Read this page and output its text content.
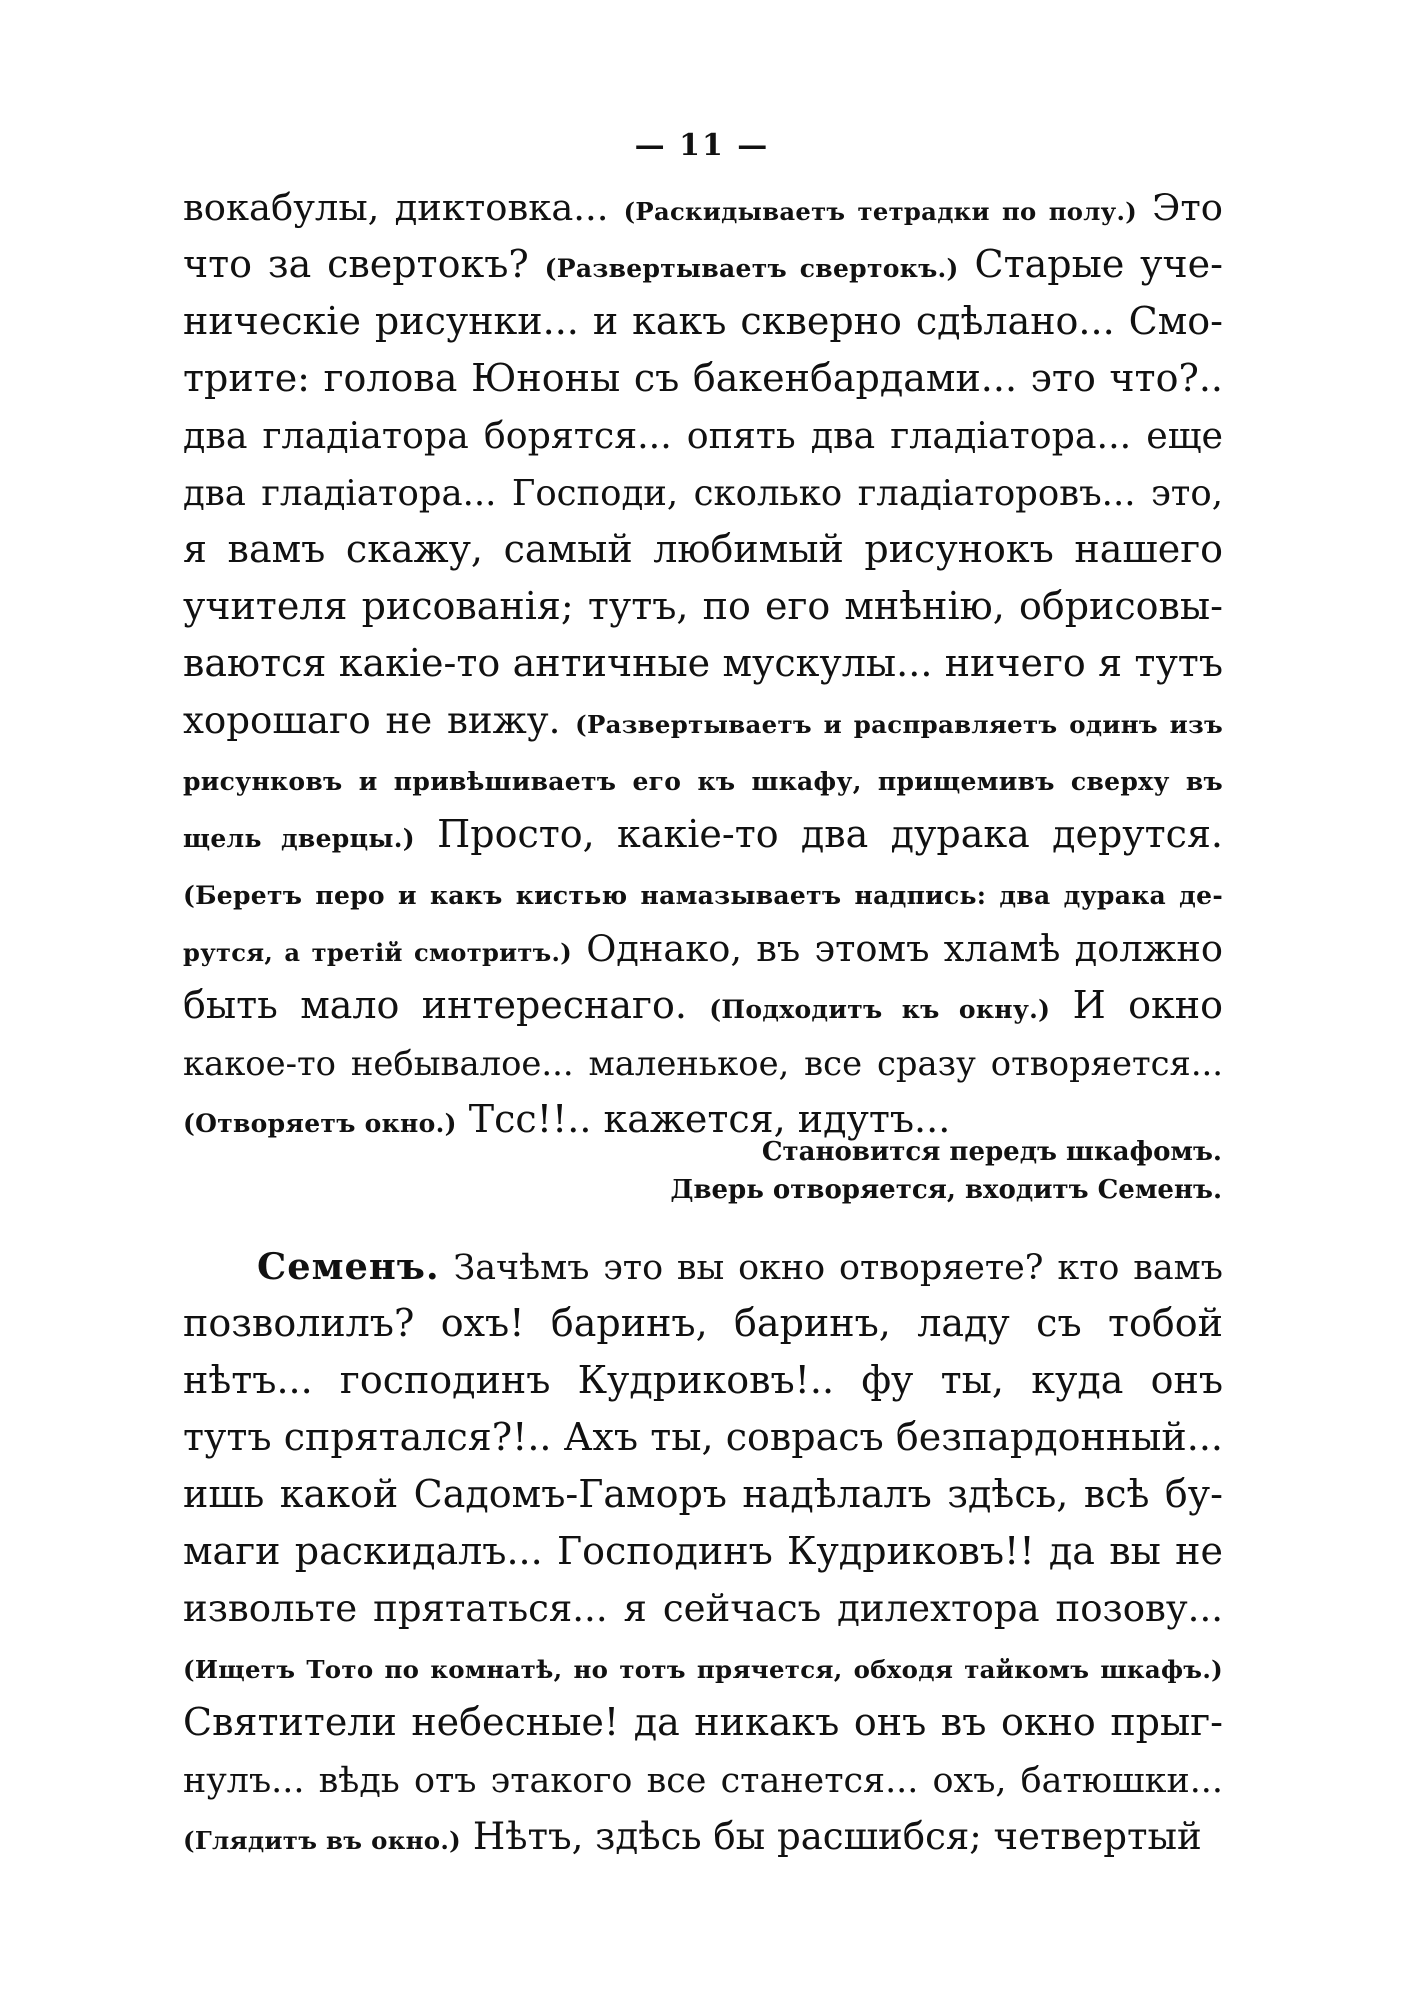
— 11 —
вокабулы, диктовка... (Раскидываетъ тетрадки по полу.) Это
что за свертокъ? (Развертываетъ свертокъ.) Старые уче-
ническіе рисунки... и какъ скверно сдѣлано... Смо-
трите: голова Юноны съ бакенбардами... это что?..
два гладіатора борятся... опять два гладіатора... еще
два гладіатора... Господи, сколько гладіаторовъ... это,
я вамъ скажу, самый любимый рисунокъ нашего
учителя рисованія; тутъ, по его мнѣнію, обрисовы-
ваются какіе-то античные мускулы... ничего я тутъ
хорошаго не вижу. (Развертываетъ и расправляетъ одинъ изъ
рисунковъ и привѣшиваетъ его къ шкафу, прищемивъ сверху въ
щель дверцы.) Просто, какіе-то два дурака дерутся.
(Беретъ перо и какъ кистью намазываетъ надпись: два дурака де-
рутся, а третій смотритъ.) Однако, въ этомъ хламѣ должно
быть мало интереснаго. (Подходитъ къ окну.) И окно
какое-то небывалое... маленькое, все сразу отворяется...
(Отворяетъ окно.) Тсс!!.. кажется, идутъ...
Становится передъ шкафомъ.
Дверь отворяется, входитъ Семенъ.
Семенъ. Зачѣмъ это вы окно отворяете? кто вамъ
позволилъ? охъ! баринъ, баринъ, ладу съ тобой
нѣтъ... господинъ Кудриковъ!.. фу ты, куда онъ
тутъ спрятался?!.. Ахъ ты, соврасъ безпардонный...
ишь какой Садомъ-Гаморъ надѣлалъ здѣсь, всѣ бу-
маги раскидалъ... Господинъ Кудриковъ!! да вы не
извольте прятаться... я сейчасъ дилехтора позову...
(Ищетъ Тото по комнатѣ, но тотъ прячется, обходя тайкомъ шкафъ.)
Святители небесные! да никакъ онъ въ окно прыг-
нулъ... вѣдь отъ этакого все станется... охъ, батюшки...
(Глядитъ въ окно.) Нѣтъ, здѣсь бы расшибся; четвертый
